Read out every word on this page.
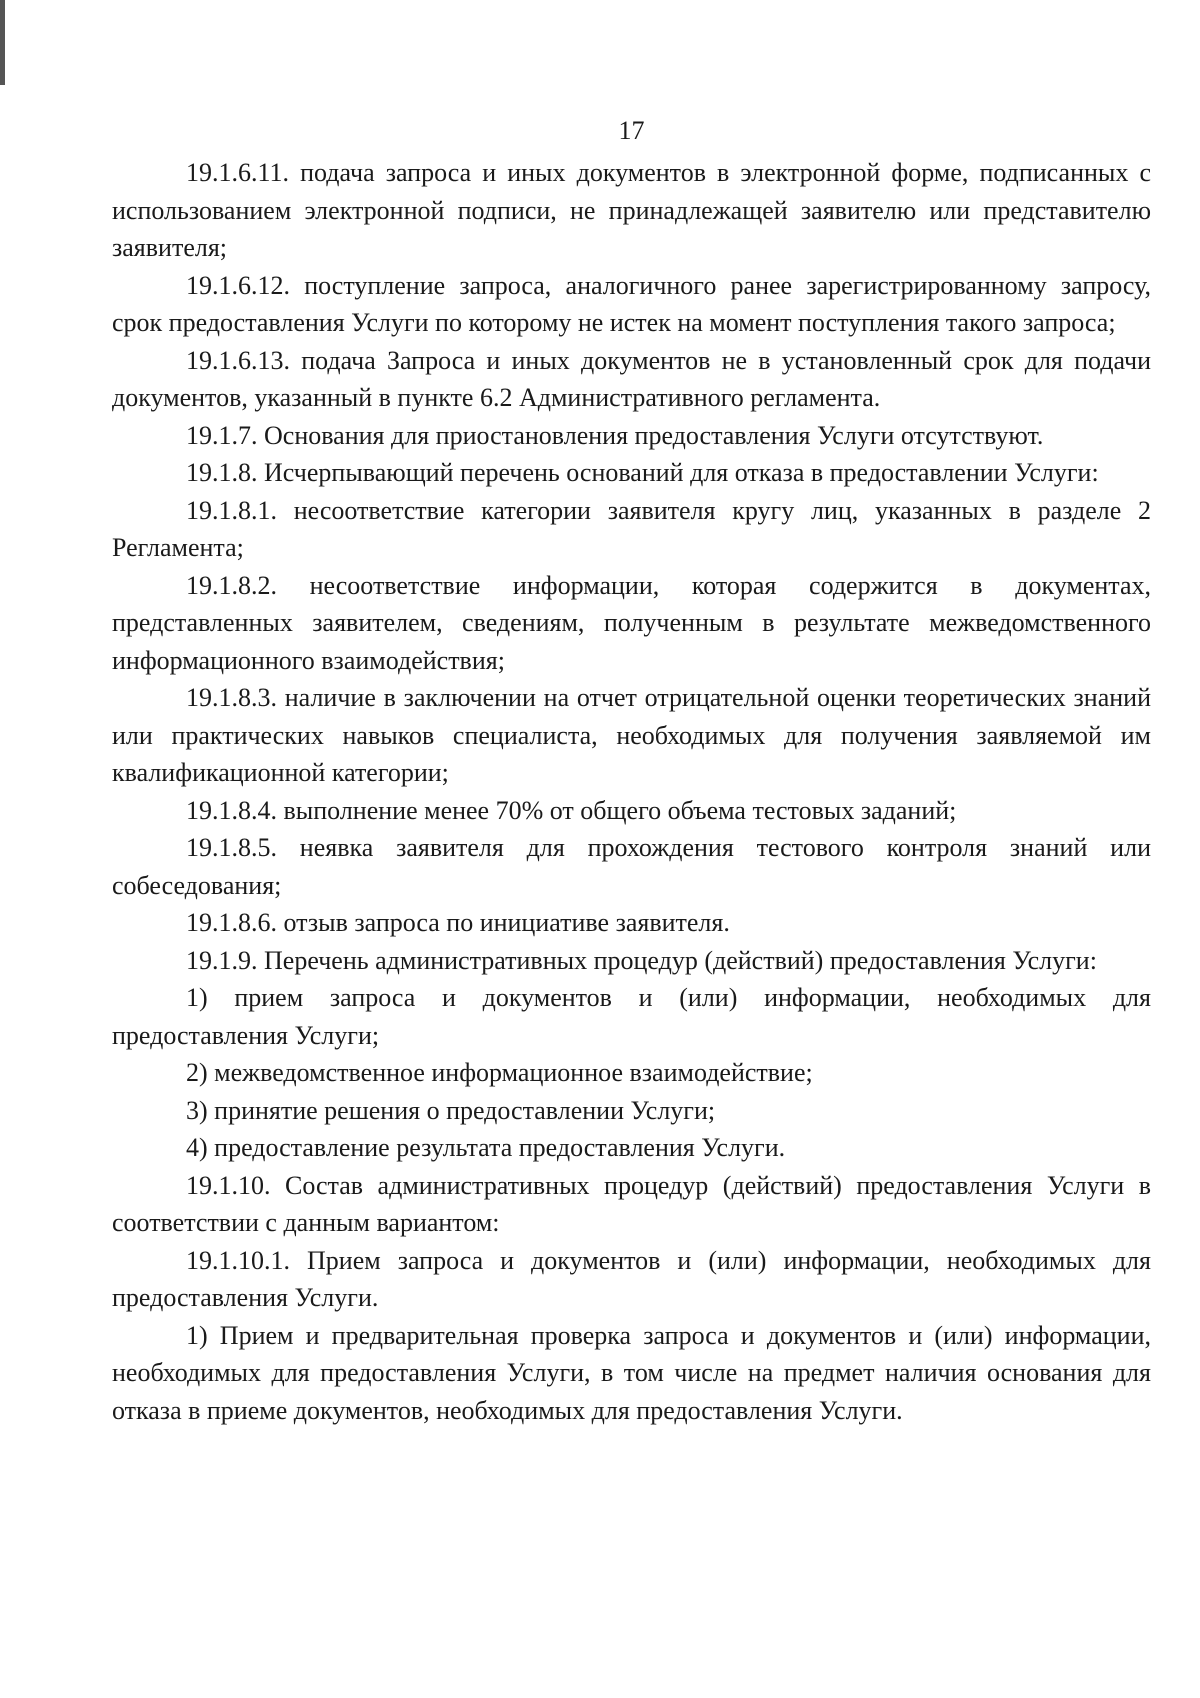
17

19.1.6.11. подача запроса и иных документов в электронной форме, подписанных с использованием электронной подписи, не принадлежащей заявителю или представителю заявителя;

19.1.6.12. поступление запроса, аналогичного ранее зарегистрированному запросу, срок предоставления Услуги по которому не истек на момент поступления такого запроса;

19.1.6.13. подача Запроса и иных документов не в установленный срок для подачи документов, указанный в пункте 6.2 Административного регламента.

19.1.7. Основания для приостановления предоставления Услуги отсутствуют.

19.1.8. Исчерпывающий перечень оснований для отказа в предоставлении Услуги:

19.1.8.1. несоответствие категории заявителя кругу лиц, указанных в разделе 2 Регламента;

19.1.8.2. несоответствие информации, которая содержится в документах, представленных заявителем, сведениям, полученным в результате межведомственного информационного взаимодействия;

19.1.8.3. наличие в заключении на отчет отрицательной оценки теоретических знаний или практических навыков специалиста, необходимых для получения заявляемой им квалификационной категории;

19.1.8.4. выполнение менее 70% от общего объема тестовых заданий;

19.1.8.5. неявка заявителя для прохождения тестового контроля знаний или собеседования;

19.1.8.6. отзыв запроса по инициативе заявителя.

19.1.9. Перечень административных процедур (действий) предоставления Услуги:

1) прием запроса и документов и (или) информации, необходимых для предоставления Услуги;

2) межведомственное информационное взаимодействие;

3) принятие решения о предоставлении Услуги;

4) предоставление результата предоставления Услуги.

19.1.10. Состав административных процедур (действий) предоставления Услуги в соответствии с данным вариантом:

19.1.10.1. Прием запроса и документов и (или) информации, необходимых для предоставления Услуги.

1) Прием и предварительная проверка запроса и документов и (или) информации, необходимых для предоставления Услуги, в том числе на предмет наличия основания для отказа в приеме документов, необходимых для предоставления Услуги.
